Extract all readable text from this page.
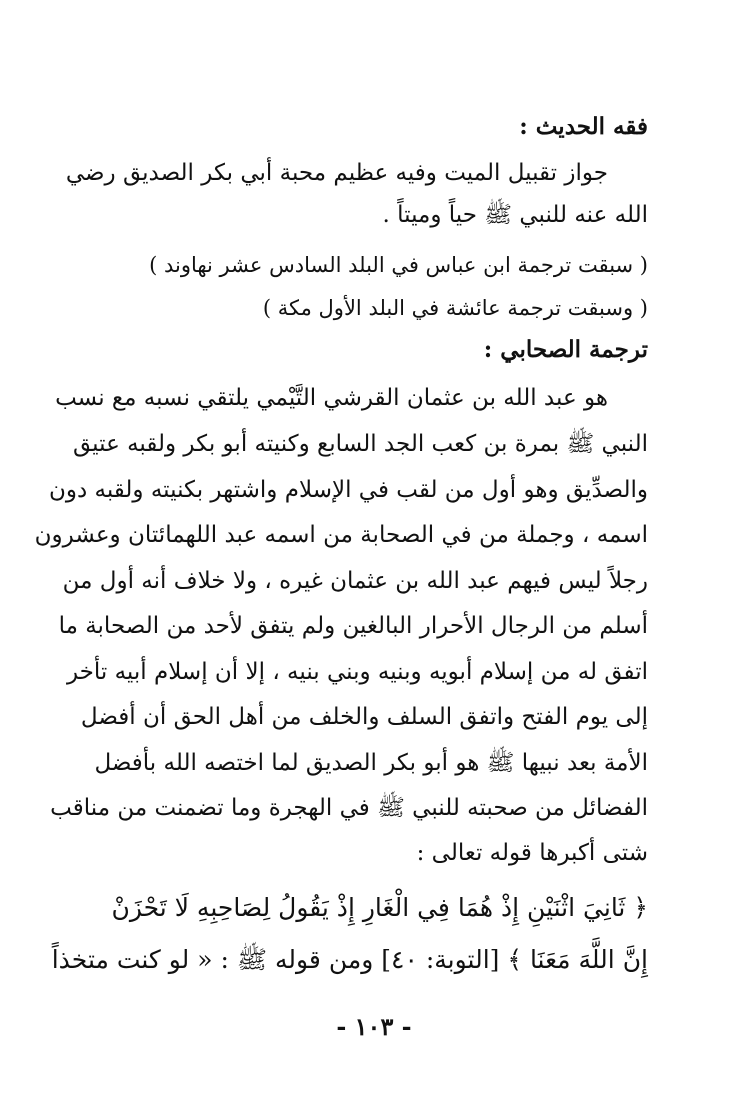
فقه الحديث :
جواز تقبيل الميت وفيه عظيم محبة أبي بكر الصديق رضي
الله عنه للنبي ﷺ حياً وميتاً .
( سبقت ترجمة ابن عباس في البلد السادس عشر نهاوند )
( وسبقت ترجمة عائشة في البلد الأول مكة )
ترجمة الصحابي :
هو عبد الله بن عثمان القرشي التَّيْمي يلتقي نسبه مع نسب
النبي ﷺ بمرة بن كعب الجد السابع وكنيته أبو بكر ولقبه عتيق
والصدِّيق وهو أول من لقب في الإسلام واشتهر بكنيته ولقبه دون
اسمه ، وجملة من في الصحابة من اسمه عبد اللهمائتان وعشرون
رجلاً ليس فيهم عبد الله بن عثمان غيره ، ولا خلاف أنه أول من
أسلم من الرجال الأحرار البالغين ولم يتفق لأحد من الصحابة ما
اتفق له من إسلام أبويه وبنيه وبني بنيه ، إلا أن إسلام أبيه تأخر
إلى يوم الفتح واتفق السلف والخلف من أهل الحق أن أفضل
الأمة بعد نبيها ﷺ هو أبو بكر الصديق لما اختصه الله بأفضل
الفضائل من صحبته للنبي ﷺ في الهجرة وما تضمنت من مناقب
شتى أكبرها قوله تعالى :
﴿ ثَانِيَ اثْنَيْنِ إِذْ هُمَا فِي الْغَارِ إِذْ يَقُولُ لِصَاحِبِهِ لَا تَحْزَنْ
إِنَّ اللَّهَ مَعَنَا ﴾ [التوبة: ٤٠] ومن قوله ﷺ : « لو كنت متخذاً
- ١٠٣ -
